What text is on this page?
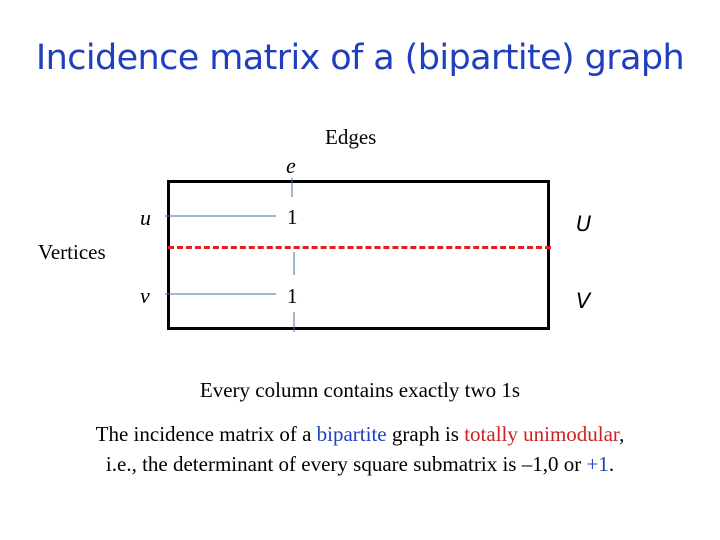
Incidence matrix of a (bipartite) graph
Edges
e
Vertices
u
v
1
1
U
V
Every column contains exactly two 1s
The incidence matrix of a bipartite graph is totally unimodular,
i.e., the determinant of every square submatrix is –1,0 or +1.
